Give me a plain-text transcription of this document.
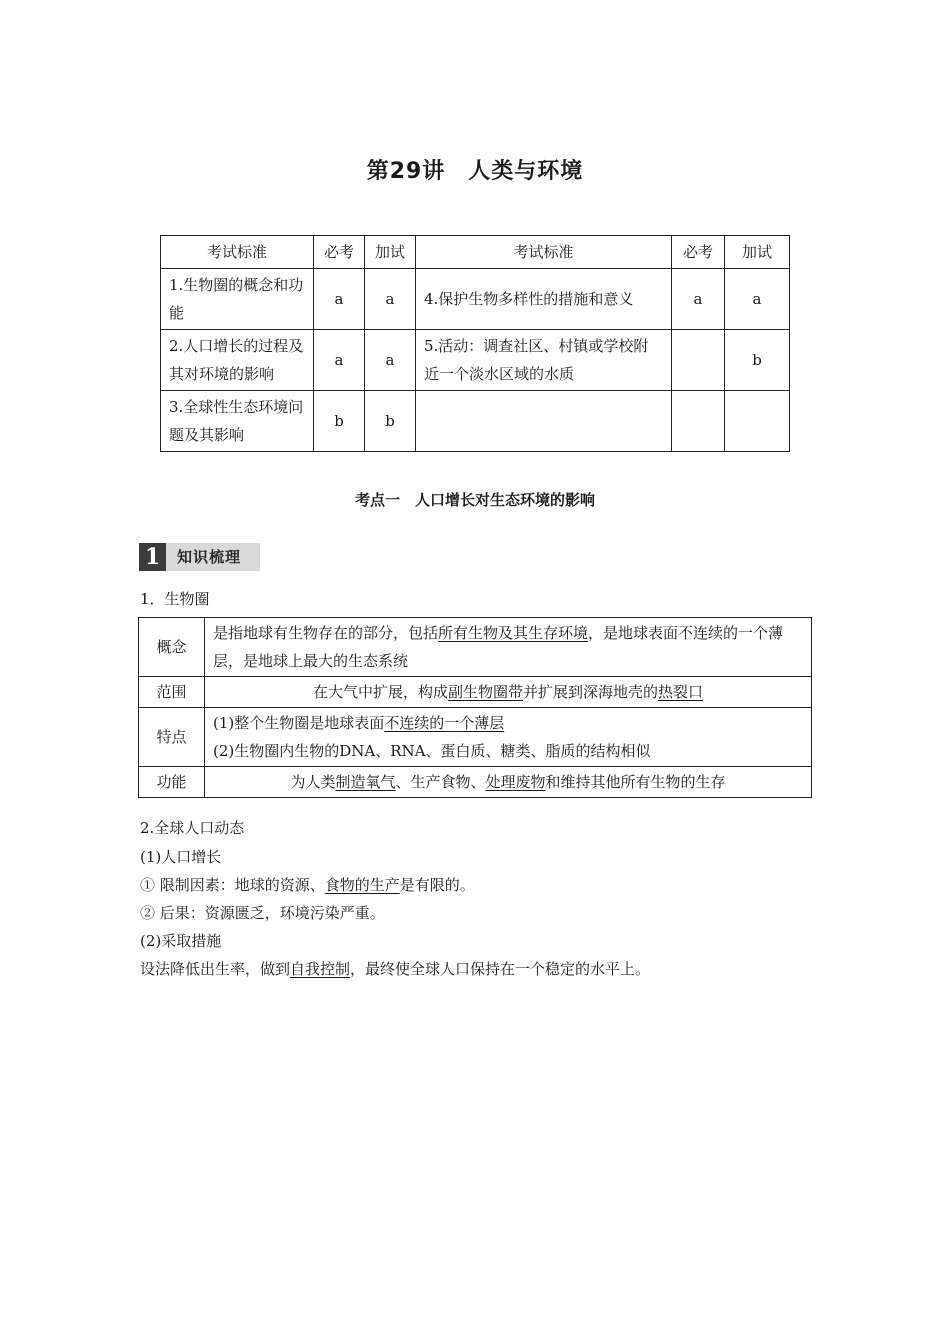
第29讲　人类与环境
考试标准	必考	加试	考试标准	必考	加试
1.生物圈的概念和功能	a	a	4.保护生物多样性的措施和意义	a	a
2.人口增长的过程及其对环境的影响	a	a	5.活动：调查社区、村镇或学校附近一个淡水区域的水质		b
3.全球性生态环境问题及其影响	b	b			
考点一　人口增长对生态环境的影响
1	知识梳理
1．生物圈
概念	是指地球有生物存在的部分，包括所有生物及其生存环境，是地球表面不连续的一个薄层，是地球上最大的生态系统
范围	在大气中扩展，构成副生物圈带并扩展到深海地壳的热裂口
特点	(1)整个生物圈是地球表面不连续的一个薄层
(2)生物圈内生物的DNA、RNA、蛋白质、糖类、脂质的结构相似
功能	为人类制造氧气、生产食物、处理废物和维持其他所有生物的生存
2.全球人口动态
(1)人口增长
① 限制因素：地球的资源、食物的生产是有限的。
② 后果：资源匮乏，环境污染严重。
(2)采取措施
设法降低出生率，做到自我控制，最终使全球人口保持在一个稳定的水平上。
